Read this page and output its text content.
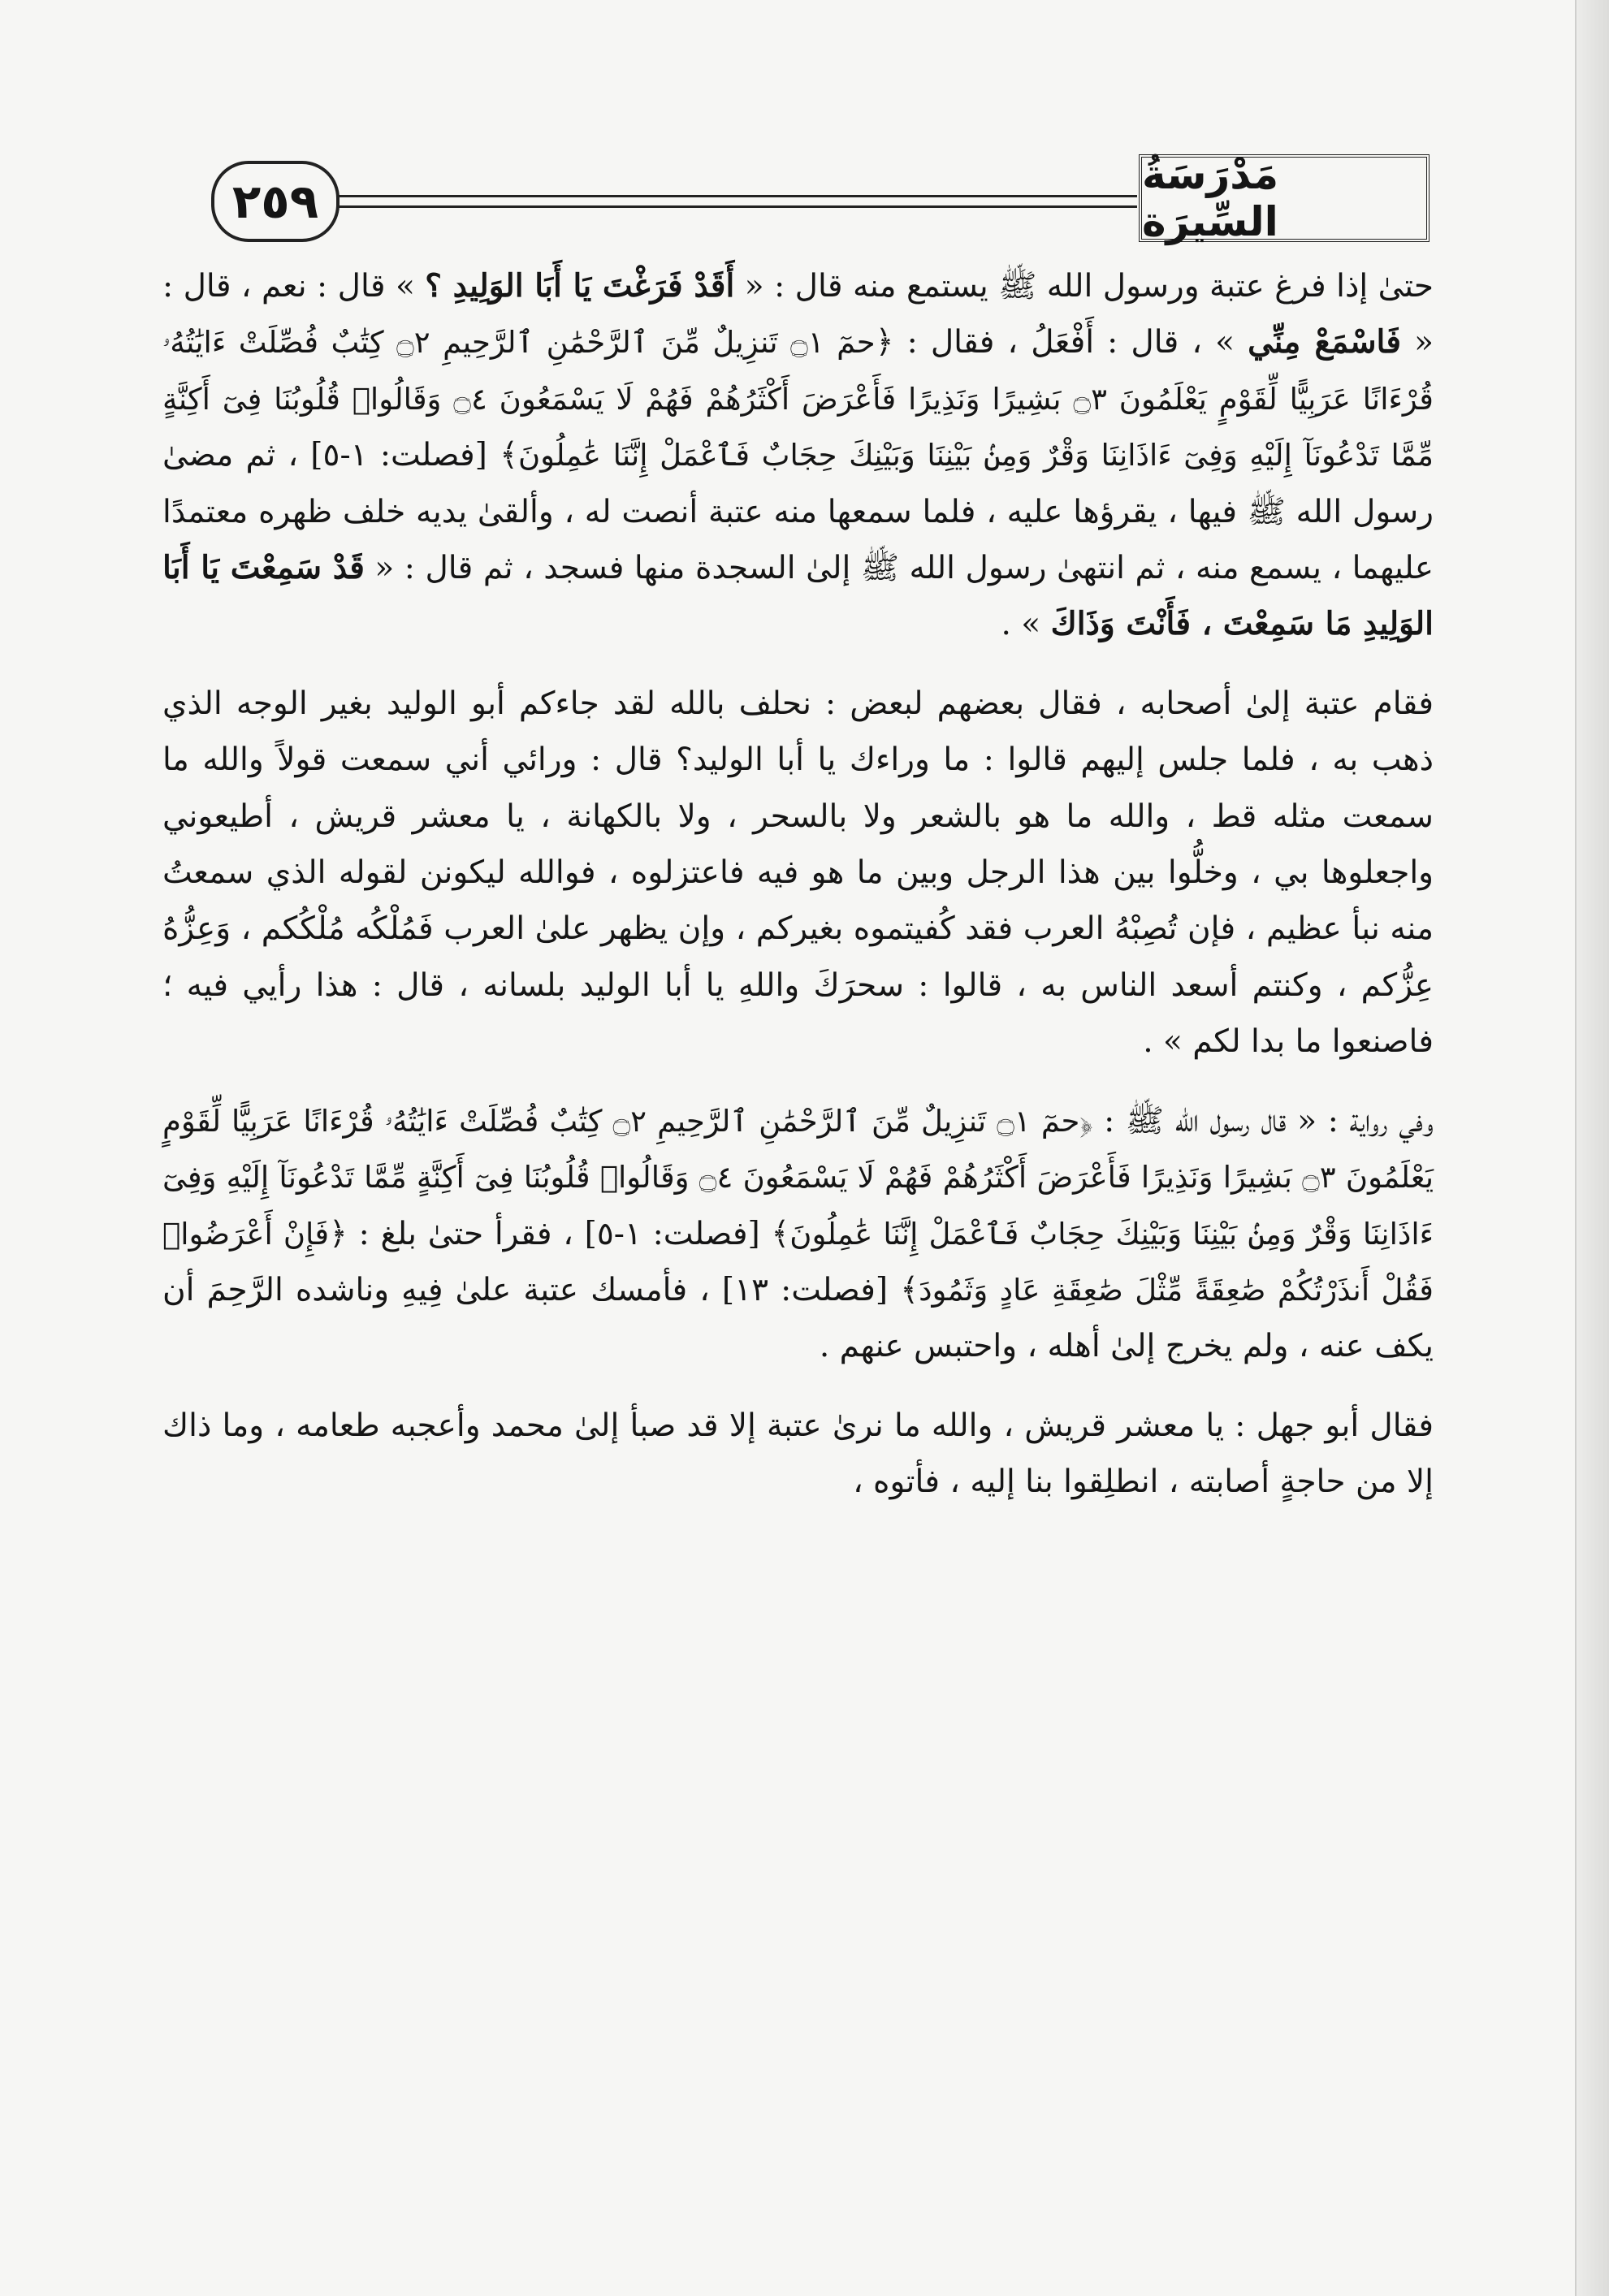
٢٥٩	مَدْرَسَةُ السِّيرَة

حتىٰ إذا فرغ عتبة ورسول الله ﷺ يستمع منه قال : « أَقَدْ فَرَغْتَ يَا أَبَا الوَلِيدِ ؟ » قال : نعم ، قال : « فَاسْمَعْ مِنِّي » ، قال : أَفْعَلُ ، فقال : ﴿حمٓ ۝١ تَنزِيلٌ مِّنَ ٱلرَّحْمَٰنِ ٱلرَّحِيمِ ۝٢ كِتَٰبٌ فُصِّلَتْ ءَايَٰتُهُۥ قُرْءَانًا عَرَبِيًّا لِّقَوْمٍ يَعْلَمُونَ ۝٣ بَشِيرًا وَنَذِيرًا فَأَعْرَضَ أَكْثَرُهُمْ فَهُمْ لَا يَسْمَعُونَ ۝٤ وَقَالُوا۟ قُلُوبُنَا فِىٓ أَكِنَّةٍ مِّمَّا تَدْعُونَآ إِلَيْهِ وَفِىٓ ءَاذَانِنَا وَقْرٌ وَمِنۢ بَيْنِنَا وَبَيْنِكَ حِجَابٌ فَٱعْمَلْ إِنَّنَا عَٰمِلُونَ﴾ [فصلت: ١-٥] ، ثم مضىٰ رسول الله ﷺ فيها ، يقرؤها عليه ، فلما سمعها منه عتبة أنصت له ، وألقىٰ يديه خلف ظهره معتمدًا عليهما ، يسمع منه ، ثم انتهىٰ رسول الله ﷺ إلىٰ السجدة منها فسجد ، ثم قال : « قَدْ سَمِعْتَ يَا أَبَا الوَلِيدِ مَا سَمِعْتَ ، فَأَنْتَ وَذَاكَ » .

فقام عتبة إلىٰ أصحابه ، فقال بعضهم لبعض : نحلف بالله لقد جاءكم أبو الوليد بغير الوجه الذي ذهب به ، فلما جلس إليهم قالوا : ما وراءك يا أبا الوليد؟ قال : ورائي أني سمعت قولاً والله ما سمعت مثله قط ، والله ما هو بالشعر ولا بالسحر ، ولا بالكهانة ، يا معشر قريش ، أطيعوني واجعلوها بي ، وخلُّوا بين هذا الرجل وبين ما هو فيه فاعتزلوه ، فوالله ليكونن لقوله الذي سمعتُ منه نبأ عظيم ، فإن تُصِبْهُ العرب فقد كُفيتموه بغيركم ، وإن يظهر علىٰ العرب فَمُلْكُه مُلْكُكم ، وَعِزُّهُ عِزُّكم ، وكنتم أسعد الناس به ، قالوا : سحرَكَ واللهِ يا أبا الوليد بلسانه ، قال : هذا رأيي فيه ؛ فاصنعوا ما بدا لكم » .

وفي رواية : « قال رسول الله ﷺ : ﴿حمٓ ۝١ تَنزِيلٌ مِّنَ ٱلرَّحْمَٰنِ ٱلرَّحِيمِ ۝٢ كِتَٰبٌ فُصِّلَتْ ءَايَٰتُهُۥ قُرْءَانًا عَرَبِيًّا لِّقَوْمٍ يَعْلَمُونَ ۝٣ بَشِيرًا وَنَذِيرًا فَأَعْرَضَ أَكْثَرُهُمْ فَهُمْ لَا يَسْمَعُونَ ۝٤ وَقَالُوا۟ قُلُوبُنَا فِىٓ أَكِنَّةٍ مِّمَّا تَدْعُونَآ إِلَيْهِ وَفِىٓ ءَاذَانِنَا وَقْرٌ وَمِنۢ بَيْنِنَا وَبَيْنِكَ حِجَابٌ فَٱعْمَلْ إِنَّنَا عَٰمِلُونَ﴾ [فصلت: ١-٥] ، فقرأ حتىٰ بلغ : ﴿فَإِنْ أَعْرَضُوا۟ فَقُلْ أَنذَرْتُكُمْ صَٰعِقَةً مِّثْلَ صَٰعِقَةِ عَادٍ وَثَمُودَ﴾ [فصلت: ١٣] ، فأمسك عتبة علىٰ فِيهِ وناشده الرَّحِمَ أن يكف عنه ، ولم يخرج إلىٰ أهله ، واحتبس عنهم .

فقال أبو جهل : يا معشر قريش ، والله ما نرىٰ عتبة إلا قد صبأ إلىٰ محمد وأعجبه طعامه ، وما ذاك إلا من حاجةٍ أصابته ، انطلِقوا بنا إليه ، فأتوه ،
